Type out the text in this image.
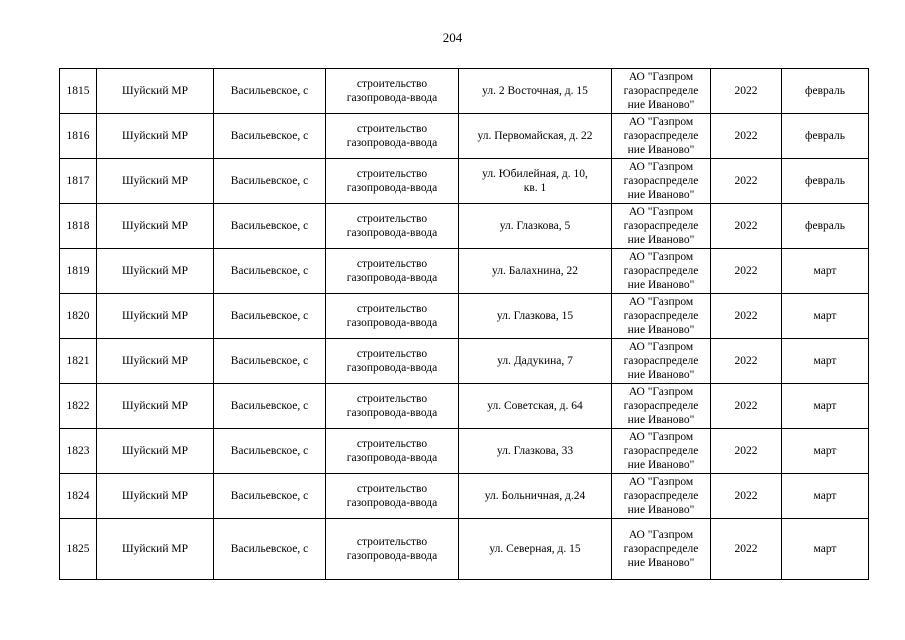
204
1815	Шуйский МР	Васильевское, с	строительство
газопровода-ввода	ул. 2 Восточная, д. 15	АО "Газпром
газораспределе
ние Иваново"	2022	февраль
1816	Шуйский МР	Васильевское, с	строительство
газопровода-ввода	ул. Первомайская, д. 22	АО "Газпром
газораспределе
ние Иваново"	2022	февраль
1817	Шуйский МР	Васильевское, с	строительство
газопровода-ввода	ул. Юбилейная, д. 10,
кв. 1	АО "Газпром
газораспределе
ние Иваново"	2022	февраль
1818	Шуйский МР	Васильевское, с	строительство
газопровода-ввода	ул. Глазкова, 5	АО "Газпром
газораспределе
ние Иваново"	2022	февраль
1819	Шуйский МР	Васильевское, с	строительство
газопровода-ввода	ул. Балахнина, 22	АО "Газпром
газораспределе
ние Иваново"	2022	март
1820	Шуйский МР	Васильевское, с	строительство
газопровода-ввода	ул. Глазкова, 15	АО "Газпром
газораспределе
ние Иваново"	2022	март
1821	Шуйский МР	Васильевское, с	строительство
газопровода-ввода	ул. Дадукина, 7	АО "Газпром
газораспределе
ние Иваново"	2022	март
1822	Шуйский МР	Васильевское, с	строительство
газопровода-ввода	ул. Советская, д. 64	АО "Газпром
газораспределе
ние Иваново"	2022	март
1823	Шуйский МР	Васильевское, с	строительство
газопровода-ввода	ул. Глазкова, 33	АО "Газпром
газораспределе
ние Иваново"	2022	март
1824	Шуйский МР	Васильевское, с	строительство
газопровода-ввода	ул. Больничная, д.24	АО "Газпром
газораспределе
ние Иваново"	2022	март
1825	Шуйский МР	Васильевское, с	строительство
газопровода-ввода	ул. Северная, д. 15	АО "Газпром
газораспределе
ние Иваново"	2022	март
